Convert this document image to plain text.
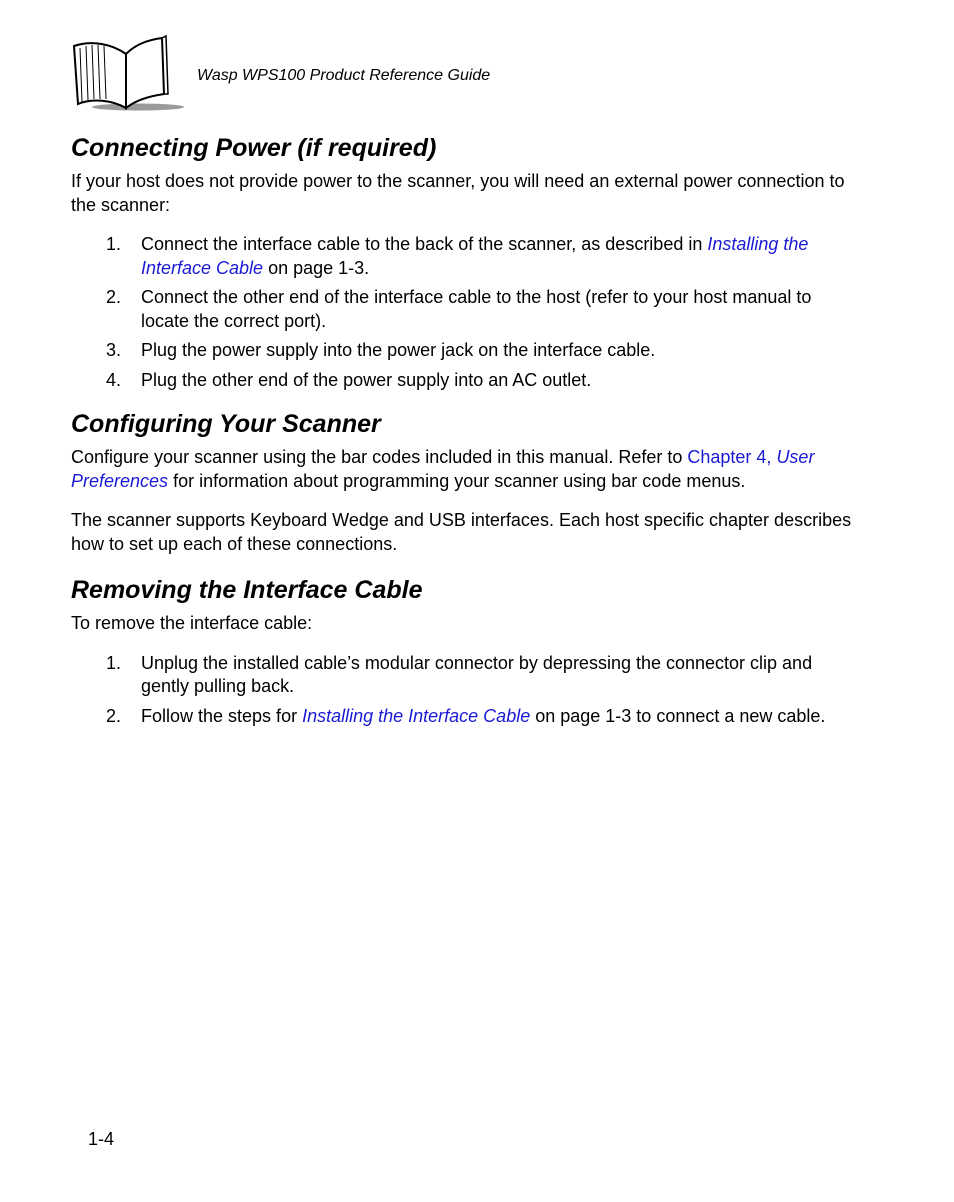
Wasp WPS100 Product Reference Guide
Connecting Power (if required)

If your host does not provide power to the scanner, you will need an external power connection to the scanner:

1. Connect the interface cable to the back of the scanner, as described in Installing the Interface Cable on page 1-3.
2. Connect the other end of the interface cable to the host (refer to your host manual to locate the correct port).
3. Plug the power supply into the power jack on the interface cable.
4. Plug the other end of the power supply into an AC outlet.
Configuring Your Scanner

Configure your scanner using the bar codes included in this manual. Refer to Chapter 4, User Preferences for information about programming your scanner using bar code menus.

The scanner supports Keyboard Wedge and USB interfaces. Each host specific chapter describes how to set up each of these connections.

Removing the Interface Cable

To remove the interface cable:

1. Unplug the installed cable’s modular connector by depressing the connector clip and gently pulling back.
2. Follow the steps for Installing the Interface Cable on page 1-3 to connect a new cable.
1-4
